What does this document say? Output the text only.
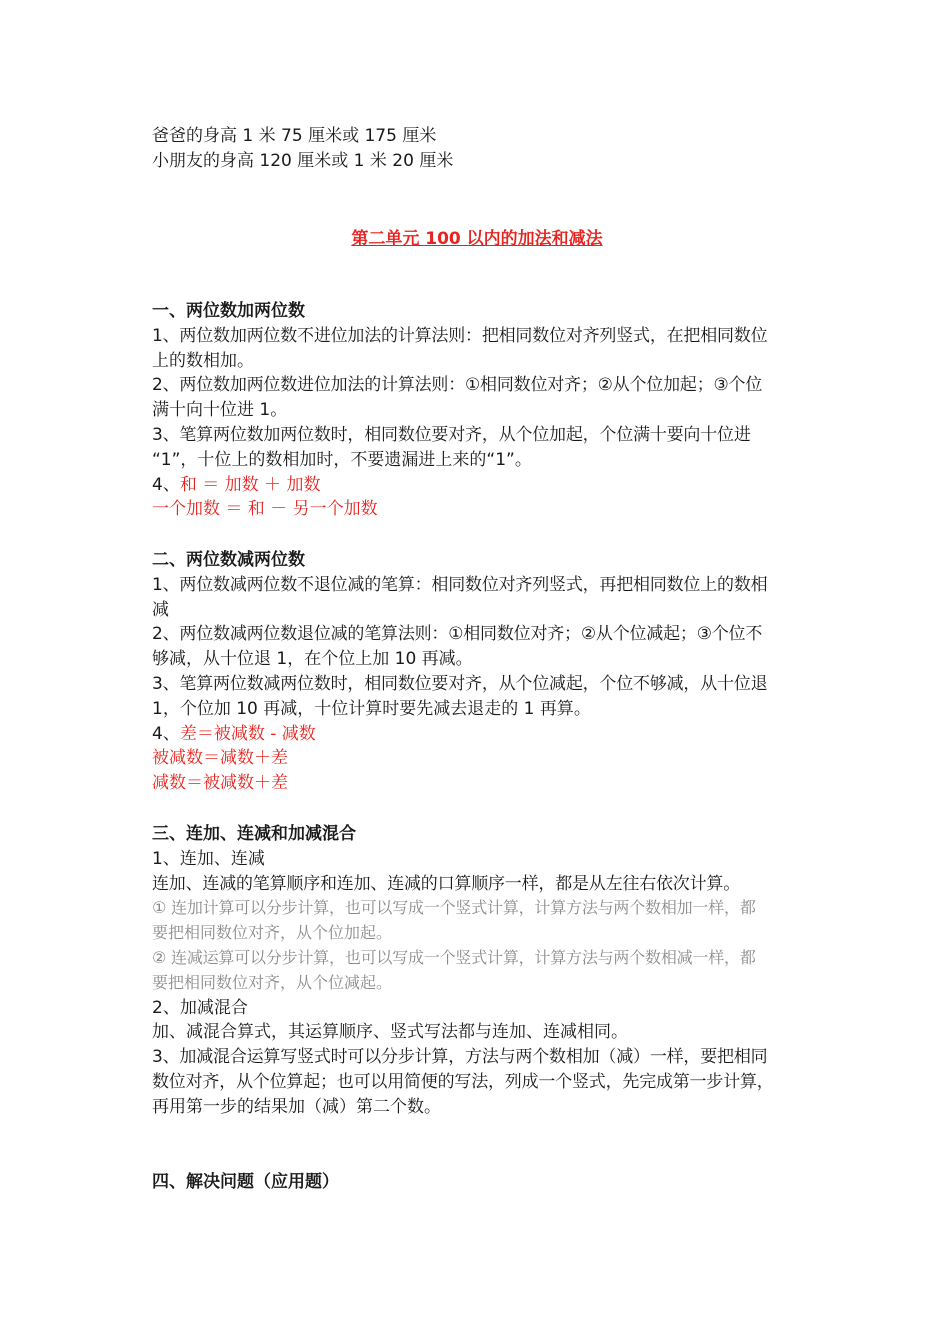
爸爸的身高 1 米 75 厘米或 175 厘米
小朋友的身高 120 厘米或 1 米 20 厘米
第二单元 100 以内的加法和减法
一、两位数加两位数
1、两位数加两位数不进位加法的计算法则：把相同数位对齐列竖式，在把相同数位
上的数相加。
2、两位数加两位数进位加法的计算法则：①相同数位对齐；②从个位加起；③个位
满十向十位进 1。
3、笔算两位数加两位数时，相同数位要对齐，从个位加起，个位满十要向十位进
“1”，十位上的数相加时，不要遗漏进上来的“1”。
4、和 ＝ 加数 ＋ 加数
一个加数 ＝ 和 － 另一个加数
二、两位数减两位数
1、两位数减两位数不退位减的笔算：相同数位对齐列竖式，再把相同数位上的数相
减
2、两位数减两位数退位减的笔算法则：①相同数位对齐；②从个位减起；③个位不
够减，从十位退 1，在个位上加 10 再减。
3、笔算两位数减两位数时，相同数位要对齐，从个位减起，个位不够减，从十位退
1，个位加 10 再减，十位计算时要先减去退走的 1 再算。
4、差＝被减数 - 减数
被减数＝减数＋差
减数＝被减数＋差
三、连加、连减和加减混合
1、连加、连减
连加、连减的笔算顺序和连加、连减的口算顺序一样，都是从左往右依次计算。
① 连加计算可以分步计算，也可以写成一个竖式计算，计算方法与两个数相加一样，都
要把相同数位对齐，从个位加起。
② 连减运算可以分步计算，也可以写成一个竖式计算，计算方法与两个数相减一样，都
要把相同数位对齐，从个位减起。
2、加减混合
加、减混合算式，其运算顺序、竖式写法都与连加、连减相同。
3、加减混合运算写竖式时可以分步计算，方法与两个数相加（减）一样，要把相同
数位对齐，从个位算起；也可以用简便的写法，列成一个竖式，先完成第一步计算，
再用第一步的结果加（减）第二个数。
四、解决问题（应用题）
